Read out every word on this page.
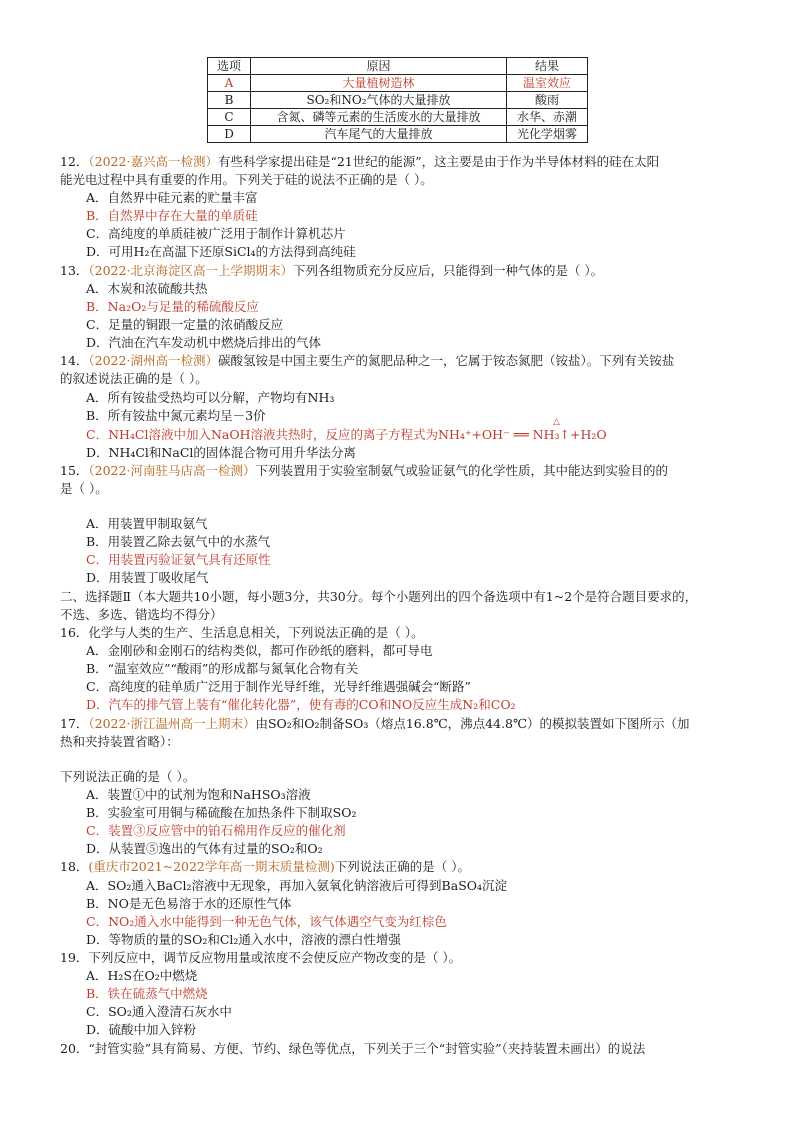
选项	原因	结果
A	大量植树造林	温室效应
B	SO₂和NO₂气体的大量排放	酸雨
C	含氮、磷等元素的生活废水的大量排放	水华、赤潮
D	汽车尾气的大量排放	光化学烟雾
12．（2022·嘉兴高一检测）有些科学家提出硅是“21世纪的能源”，这主要是由于作为半导体材料的硅在太阳
能光电过程中具有重要的作用。下列关于硅的说法不正确的是（ ）。
A．自然界中硅元素的贮量丰富
B．自然界中存在大量的单质硅
C．高纯度的单质硅被广泛用于制作计算机芯片
D．可用H₂在高温下还原SiCl₄的方法得到高纯硅
13．（2022·北京海淀区高一上学期期末）下列各组物质充分反应后，只能得到一种气体的是（ ）。
A．木炭和浓硫酸共热
B．Na₂O₂与足量的稀硫酸反应
C．足量的铜跟一定量的浓硝酸反应
D．汽油在汽车发动机中燃烧后排出的气体
14．（2022·湖州高一检测）碳酸氢铵是中国主要生产的氮肥品种之一，它属于铵态氮肥（铵盐）。下列有关铵盐
的叙述说法正确的是（ ）。
A．所有铵盐受热均可以分解，产物均有NH₃
B．所有铵盐中氮元素均呈－3价
C．NH₄Cl溶液中加入NaOH溶液共热时，反应的离子方程式为NH₄⁺+OH⁻ ══ NH₃↑+H₂O
△
D．NH₄Cl和NaCl的固体混合物可用升华法分离
15．（2022·河南驻马店高一检测）下列装置用于实验室制氨气或验证氨气的化学性质，其中能达到实验目的的
是（ ）。
A．用装置甲制取氨气
B．用装置乙除去氨气中的水蒸气
C．用装置丙验证氨气具有还原性
D．用装置丁吸收尾气
二、选择题Ⅱ（本大题共10小题，每小题3分，共30分。每个小题列出的四个备选项中有1~2个是符合题目要求的，
不选、多选、错选均不得分）
16．化学与人类的生产、生活息息相关，下列说法正确的是（ ）。
A．金刚砂和金刚石的结构类似，都可作砂纸的磨料，都可导电
B．“温室效应”“酸雨”的形成都与氮氧化合物有关
C．高纯度的硅单质广泛用于制作光导纤维，光导纤维遇强碱会“断路”
D．汽车的排气管上装有“催化转化器”，使有毒的CO和NO反应生成N₂和CO₂
17．（2022·浙江温州高一上期末）由SO₂和O₂制备SO₃（熔点16.8℃，沸点44.8℃）的模拟装置如下图所示（加
热和夹持装置省略）：
下列说法正确的是（ ）。
A．装置①中的试剂为饱和NaHSO₃溶液
B．实验室可用铜与稀硫酸在加热条件下制取SO₂
C．装置③反应管中的铂石棉用作反应的催化剂
D．从装置⑤逸出的气体有过量的SO₂和O₂
18．(重庆市2021~2022学年高一期末质量检测)下列说法正确的是（ ）。
A．SO₂通入BaCl₂溶液中无现象，再加入氨氧化钠溶液后可得到BaSO₄沉淀
B．NO是无色易溶于水的还原性气体
C．NO₂通入水中能得到一种无色气体，该气体遇空气变为红棕色
D．等物质的量的SO₂和Cl₂通入水中，溶液的漂白性增强
19．下列反应中，调节反应物用量或浓度不会使反应产物改变的是（ ）。
A．H₂S在O₂中燃烧
B．铁在硫蒸气中燃烧
C．SO₂通入澄清石灰水中
D．硫酸中加入锌粉
20．“封管实验”具有简易、方便、节约、绿色等优点，下列关于三个“封管实验”（夹持装置未画出）的说法
